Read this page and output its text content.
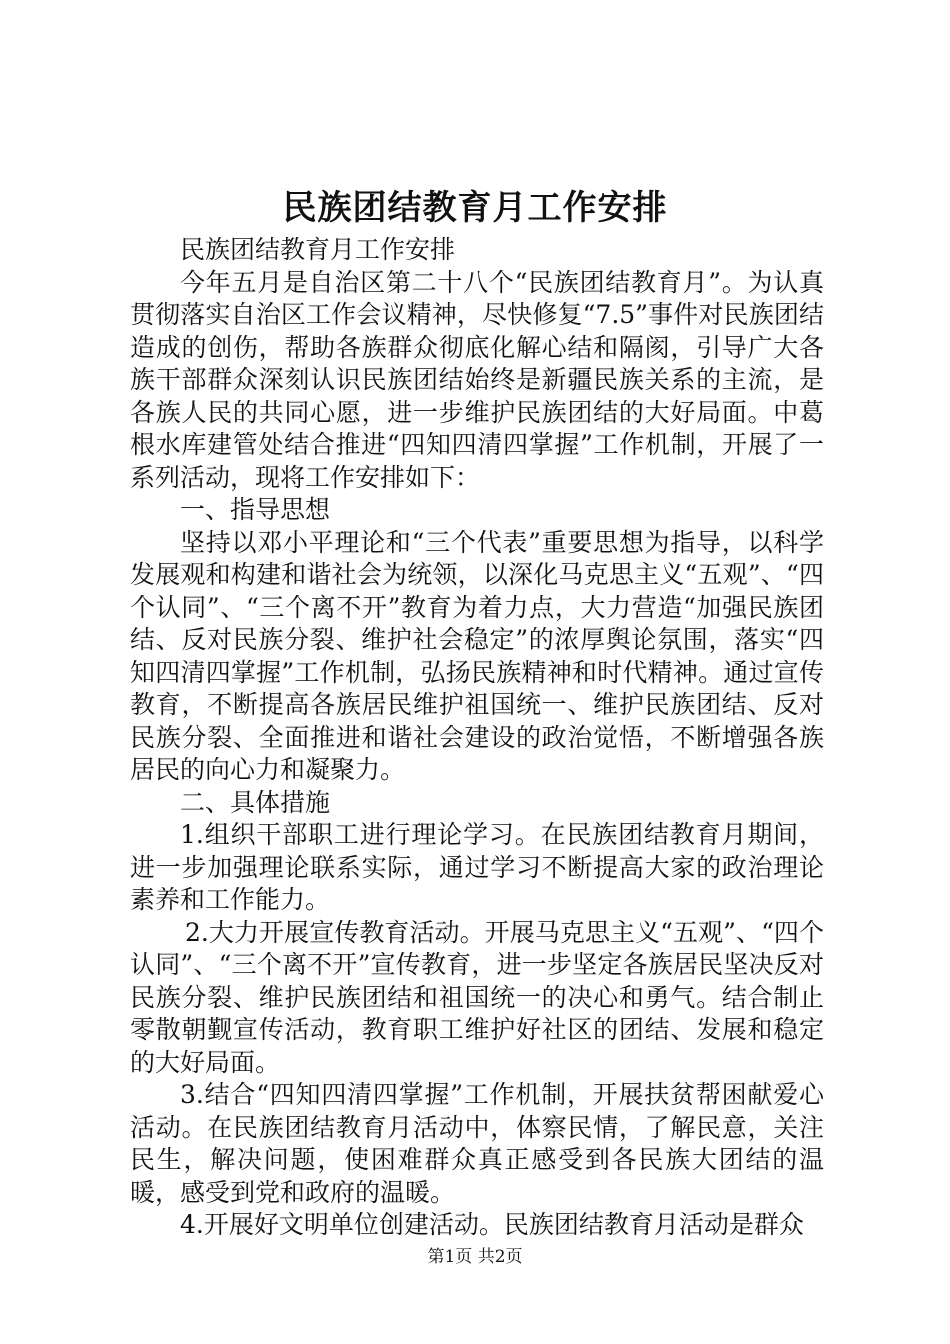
民族团结教育月工作安排

民族团结教育月工作安排

今年五月是自治区第二十八个“民族团结教育月”。为认真贯彻落实自治区工作会议精神，尽快修复“7.5”事件对民族团结造成的创伤，帮助各族群众彻底化解心结和隔阂，引导广大各族干部群众深刻认识民族团结始终是新疆民族关系的主流，是各族人民的共同心愿，进一步维护民族团结的大好局面。中葛根水库建管处结合推进“四知四清四掌握”工作机制，开展了一系列活动，现将工作安排如下：

一、指导思想

坚持以邓小平理论和“三个代表”重要思想为指导，以科学发展观和构建和谐社会为统领，以深化马克思主义“五观”、“四个认同”、“三个离不开”教育为着力点，大力营造“加强民族团结、反对民族分裂、维护社会稳定”的浓厚舆论氛围，落实“四知四清四掌握”工作机制，弘扬民族精神和时代精神。通过宣传教育，不断提高各族居民维护祖国统一、维护民族团结、反对民族分裂、全面推进和谐社会建设的政治觉悟，不断增强各族居民的向心力和凝聚力。

二、具体措施

1.组织干部职工进行理论学习。在民族团结教育月期间，进一步加强理论联系实际，通过学习不断提高大家的政治理论素养和工作能力。

2.大力开展宣传教育活动。开展马克思主义“五观”、“四个认同”、“三个离不开”宣传教育，进一步坚定各族居民坚决反对民族分裂、维护民族团结和祖国统一的决心和勇气。结合制止零散朝觐宣传活动，教育职工维护好社区的团结、发展和稳定的大好局面。

3.结合“四知四清四掌握”工作机制，开展扶贫帮困献爱心活动。在民族团结教育月活动中，体察民情，了解民意，关注民生，解决问题，使困难群众真正感受到各民族大团结的温暖，感受到党和政府的温暖。

4.开展好文明单位创建活动。民族团结教育月活动是群众

第1页 共2页
